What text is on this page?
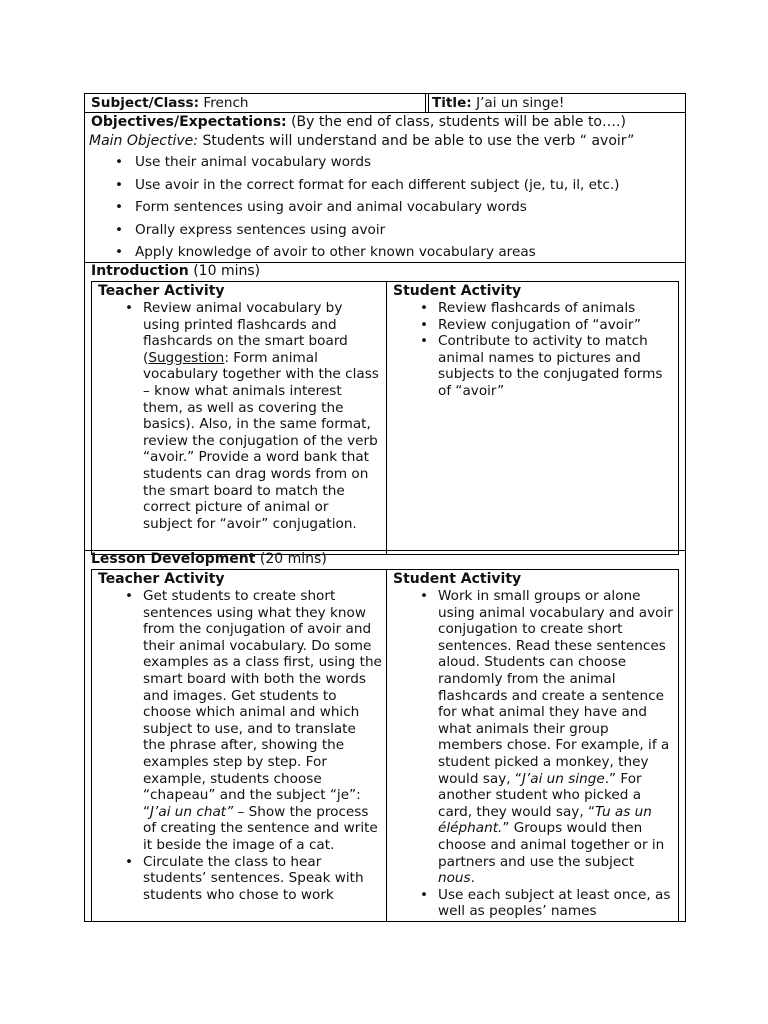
Subject/Class: French	Title: J’ai un singe!
Objectives/Expectations: (By the end of class, students will be able to….)
Main Objective: Students will understand and be able to use the verb “ avoir”
• Use their animal vocabulary words
• Use avoir in the correct format for each different subject (je, tu, il, etc.)
• Form sentences using avoir and animal vocabulary words
• Orally express sentences using avoir
• Apply knowledge of avoir to other known vocabulary areas
Introduction (10 mins)
Teacher Activity
• Review animal vocabulary by using printed flashcards and flashcards on the smart board (Suggestion: Form animal vocabulary together with the class – know what animals interest them, as well as covering the basics). Also, in the same format, review the conjugation of the verb “avoir.” Provide a word bank that students can drag words from on the smart board to match the correct picture of animal or subject for “avoir” conjugation.
Student Activity
• Review flashcards of animals
• Review conjugation of “avoir”
• Contribute to activity to match animal names to pictures and subjects to the conjugated forms of “avoir”
Lesson Development (20 mins)
Teacher Activity
• Get students to create short sentences using what they know from the conjugation of avoir and their animal vocabulary. Do some examples as a class first, using the smart board with both the words and images. Get students to choose which animal and which subject to use, and to translate the phrase after, showing the examples step by step. For example, students choose “chapeau” and the subject “je”: “J’ai un chat” – Show the process of creating the sentence and write it beside the image of a cat.
• Circulate the class to hear students’ sentences. Speak with students who chose to work
Student Activity
• Work in small groups or alone using animal vocabulary and avoir conjugation to create short sentences. Read these sentences aloud. Students can choose randomly from the animal flashcards and create a sentence for what animal they have and what animals their group members chose. For example, if a student picked a monkey, they would say, “J’ai un singe.” For another student who picked a card, they would say, “Tu as un éléphant.” Groups would then choose and animal together or in partners and use the subject nous.
• Use each subject at least once, as well as peoples’ names
